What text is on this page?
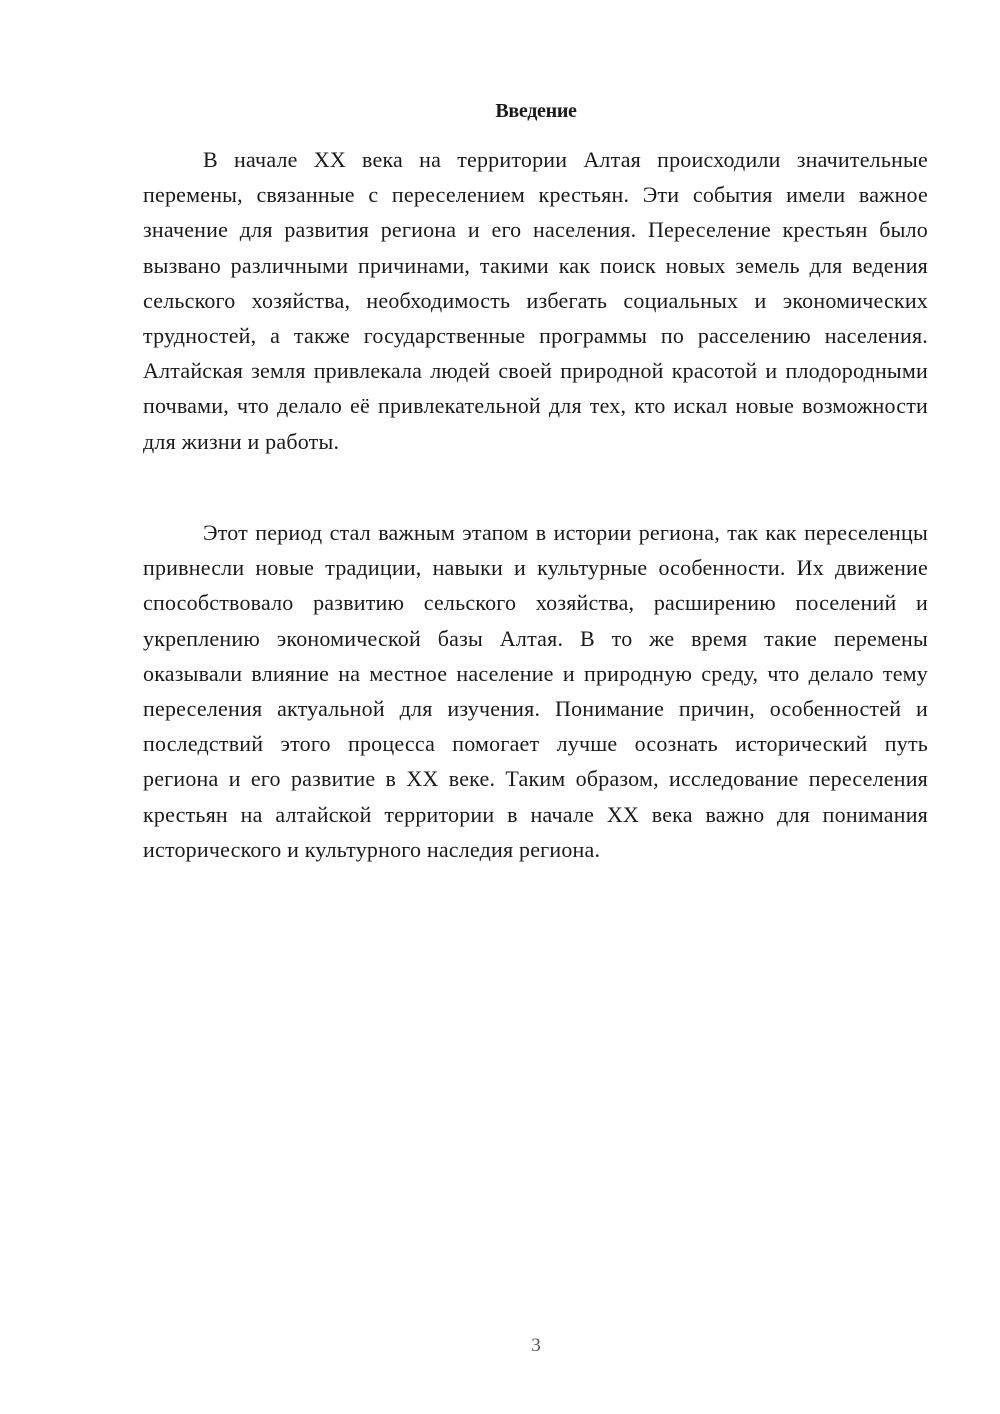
Введение

В начале XX века на территории Алтая происходили значительные перемены, связанные с переселением крестьян. Эти события имели важное значение для развития региона и его населения. Переселение крестьян было вызвано различными причинами, такими как поиск новых земель для ведения сельского хозяйства, необходимость избегать социальных и экономических трудностей, а также государственные программы по расселению населения. Алтайская земля привлекала людей своей природной красотой и плодородными почвами, что делало её привлекательной для тех, кто искал новые возможности для жизни и работы.

Этот период стал важным этапом в истории региона, так как переселенцы привнесли новые традиции, навыки и культурные особенности. Их движение способствовало развитию сельского хозяйства, расширению поселений и укреплению экономической базы Алтая. В то же время такие перемены оказывали влияние на местное население и природную среду, что делало тему переселения актуальной для изучения. Понимание причин, особенностей и последствий этого процесса помогает лучше осознать исторический путь региона и его развитие в XX веке. Таким образом, исследование переселения крестьян на алтайской территории в начале XX века важно для понимания исторического и культурного наследия региона.

3
